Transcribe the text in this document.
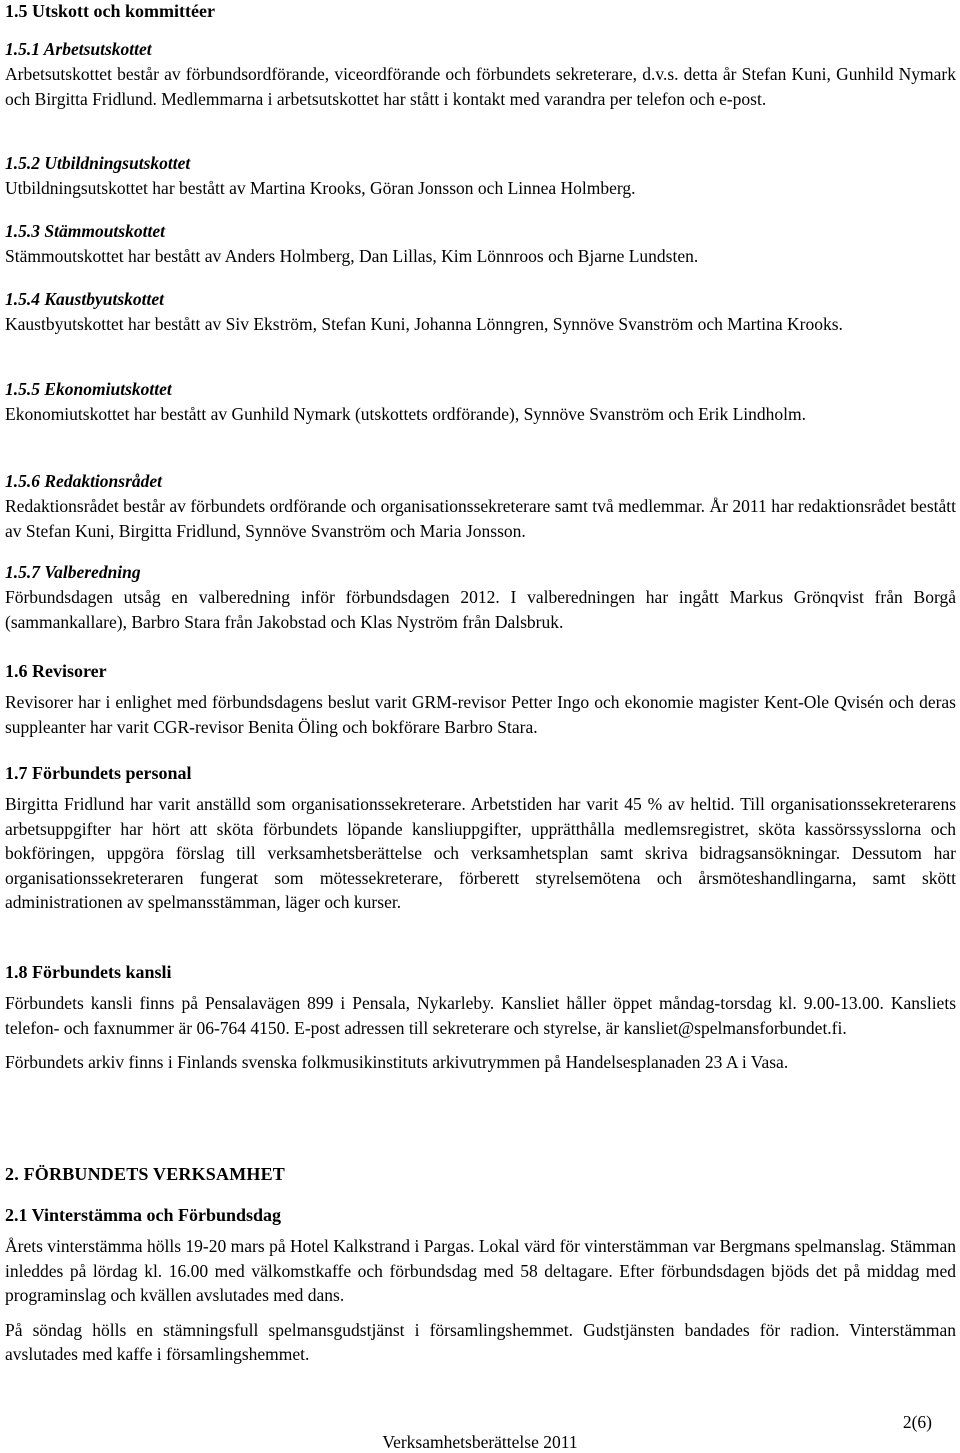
1.5 Utskott och kommittéer

1.5.1 Arbetsutskottet

Arbetsutskottet består av förbundsordförande, viceordförande och förbundets sekreterare, d.v.s. detta år Stefan Kuni, Gunhild Nymark och Birgitta Fridlund. Medlemmarna i arbetsutskottet har stått i kontakt med varandra per telefon och e-post.

1.5.2 Utbildningsutskottet

Utbildningsutskottet har bestått av Martina Krooks, Göran Jonsson och Linnea Holmberg.

1.5.3 Stämmoutskottet

Stämmoutskottet har bestått av Anders Holmberg, Dan Lillas, Kim Lönnroos och Bjarne Lundsten.

1.5.4 Kaustbyutskottet

Kaustbyutskottet har bestått av Siv Ekström, Stefan Kuni, Johanna Lönngren, Synnöve Svanström och Martina Krooks.

1.5.5 Ekonomiutskottet

Ekonomiutskottet har bestått av Gunhild Nymark (utskottets ordförande), Synnöve Svanström och Erik Lindholm.

1.5.6 Redaktionsrådet

Redaktionsrådet består av förbundets ordförande och organisationssekreterare samt två medlemmar. År 2011 har redaktionsrådet bestått av Stefan Kuni, Birgitta Fridlund, Synnöve Svanström och Maria Jonsson.

1.5.7 Valberedning

Förbundsdagen utsåg en valberedning inför förbundsdagen 2012. I valberedningen har ingått Markus Grönqvist från Borgå (sammankallare), Barbro Stara från Jakobstad och Klas Nyström från Dalsbruk.

1.6 Revisorer

Revisorer har i enlighet med förbundsdagens beslut varit GRM-revisor Petter Ingo och ekonomie magister Kent-Ole Qvisén och deras suppleanter har varit CGR-revisor Benita Öling och bokförare Barbro Stara.

1.7 Förbundets personal

Birgitta Fridlund har varit anställd som organisationssekreterare. Arbetstiden har varit 45 % av heltid. Till organisationssekreterarens arbetsuppgifter har hört att sköta förbundets löpande kansliuppgifter, upprätthålla medlemsregistret, sköta kassörssysslorna och bokföringen, uppgöra förslag till verksamhetsberättelse och verksamhetsplan samt skriva bidragsansökningar. Dessutom har organisationssekreteraren fungerat som mötessekreterare, förberett styrelsemötena och årsmöteshandlingarna, samt skött administrationen av spelmansstämman, läger och kurser.

1.8 Förbundets kansli

Förbundets kansli finns på Pensalavägen 899 i Pensala, Nykarleby. Kansliet håller öppet måndag-torsdag kl. 9.00-13.00. Kansliets telefon- och faxnummer är 06-764 4150. E-post adressen till sekreterare och styrelse, är kansliet@spelmansforbundet.fi.

Förbundets arkiv finns i Finlands svenska folkmusikinstituts arkivutrymmen på Handelsesplanaden 23 A i Vasa.

2. FÖRBUNDETS VERKSAMHET

2.1 Vinterstämma och Förbundsdag

Årets vinterstämma hölls 19-20 mars på Hotel Kalkstrand i Pargas. Lokal värd för vinterstämman var Bergmans spelmanslag. Stämman inleddes på lördag kl. 16.00 med välkomstkaffe och förbundsdag med 58 deltagare. Efter förbundsdagen bjöds det på middag med programinslag och kvällen avslutades med dans.

På söndag hölls en stämningsfull spelmansgudstjänst i församlingshemmet. Gudstjänsten bandades för radion. Vinterstämman avslutades med kaffe i församlingshemmet.

2(6)
Verksamhetsberättelse 2011
